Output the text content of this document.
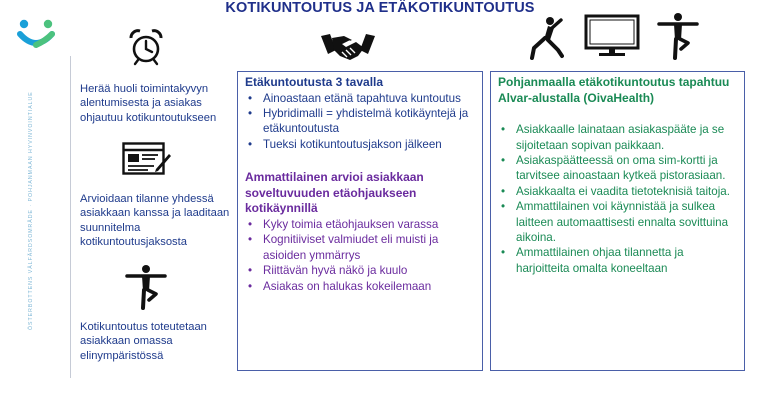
KOTIKUNTOUTUS JA ETÄKOTIKUNTOUTUS
ÖSTERBOTTENS VÄLFÄRDSOMRÅDE · POHJANMAAN HYVINVOINTIALUE
Herää huoli toimintakyvyn alentumisesta ja asiakas ohjautuu kotikuntoutukseen
Arvioidaan tilanne yhdessä asiakkaan kanssa ja laaditaan suunnitelma kotikuntoutusjaksosta
Kotikuntoutus toteutetaan asiakkaan omassa elinympäristössä
Etäkuntoutusta 3 tavalla
• Ainoastaan etänä tapahtuva kuntoutus
• Hybridimalli = yhdistelmä kotikäyntejä ja etäkuntoutusta
• Tueksi kotikuntoutusjakson jälkeen
Ammattilainen arvioi asiakkaan soveltuvuuden etäohjaukseen kotikäynnillä
• Kyky toimia etäohjauksen varassa
• Kognitiiviset valmiudet eli muisti ja asioiden ymmärrys
• Riittävän hyvä näkö ja kuulo
• Asiakas on halukas kokeilemaan
Pohjanmaalla etäkotikuntoutus tapahtuu Alvar-alustalla (OivaHealth)
• Asiakkaalle lainataan asiakaspääte ja se sijoitetaan sopivan paikkaan.
• Asiakaspäätteessä on oma sim-kortti ja tarvitsee ainoastaan kytkeä pistorasiaan.
• Asiakkaalta ei vaadita tietoteknisiä taitoja.
• Ammattilainen voi käynnistää ja sulkea laitteen automaattisesti ennalta sovittuina aikoina.
• Ammattilainen ohjaa tilannetta ja harjoitteita omalta koneeltaan
